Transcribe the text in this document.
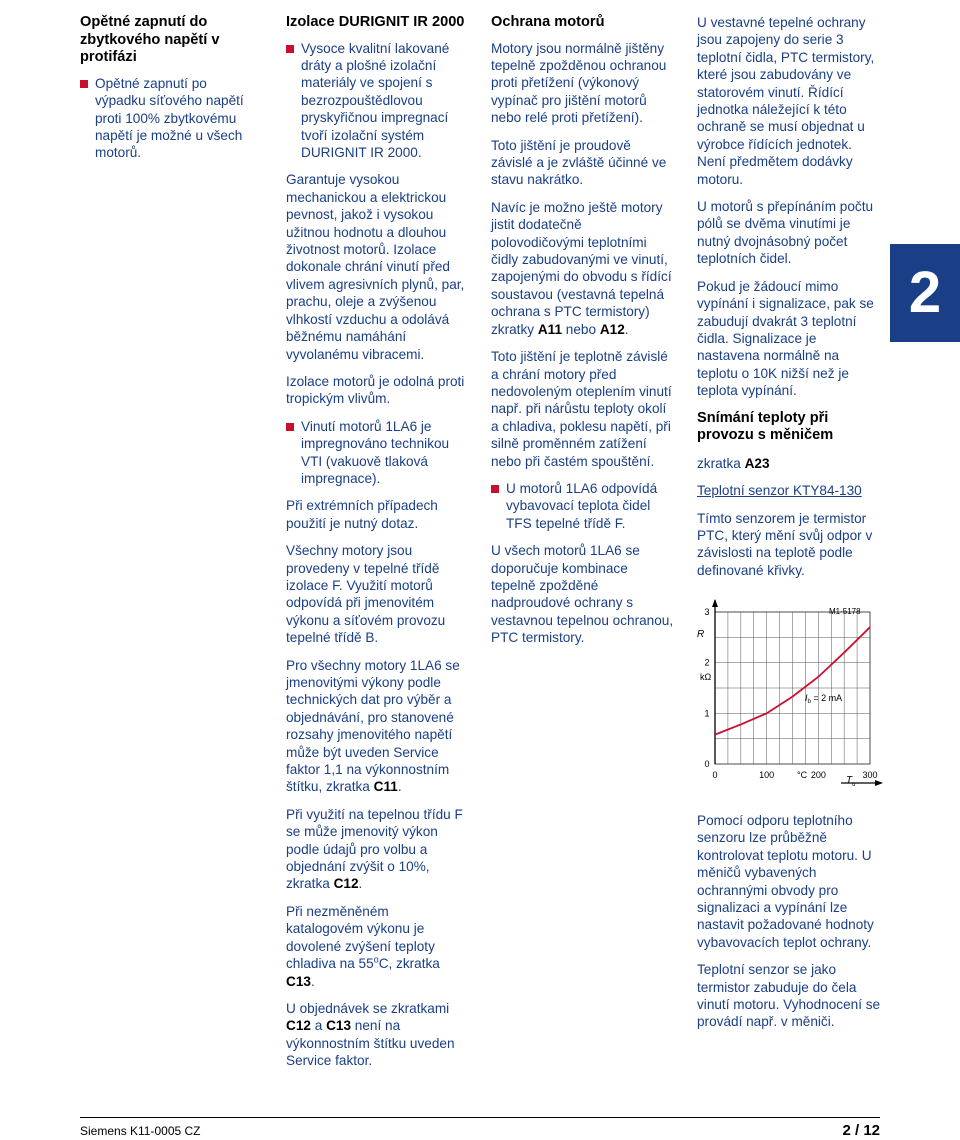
Opětné zapnutí do zbytkového napětí v protifázi
Opětné zapnutí po výpadku síťového napětí proti 100% zbytkovému napětí je možné u všech motorů.
Izolace DURIGNIT IR 2000
Vysoce kvalitní lakované dráty a plošné izolační materiály ve spojení s bezrozpouštědlovou pryskyřičnou impregnací tvoří izolační systém DURIGNIT IR 2000.

Garantuje vysokou mechanickou a elektrickou pevnost, jakož i vysokou užitnou hodnotu a dlouhou životnost motorů. Izolace dokonale chrání vinutí před vlivem agresivních plynů, par, prachu, oleje a zvýšenou vlhkostí vzduchu a odolává běžnému namáhání vyvolanému vibracemi.

Izolace motorů je odolná proti tropickým vlivům.

Vinutí motorů 1LA6 je impregnováno technikou VTI (vakuově tlaková impregnace).

Při extrémních případech použití je nutný dotaz.

Všechny motory jsou provedeny v tepelné třídě izolace F. Využití motorů odpovídá při jmenovitém výkonu a síťovém provozu tepelné třídě B.

Pro všechny motory 1LA6 se jmenovitými výkony podle technických dat pro výběr a objednávání, pro stanovené rozsahy jmenovitého napětí může být uveden Service faktor 1,1 na výkonnostním štítku, zkratka C11.

Při využití na tepelnou třídu F se může jmenovitý výkon podle údajů pro volbu a objednání zvýšit o 10%, zkratka C12.

Při nezměněném katalogovém výkonu je dovolené zvýšení teploty chladiva na 55$^o$C, zkratka C13.

U objednávek se zkratkami C12 a C13 není na výkonnostním štítku uveden Service faktor.

Ochrana motorů

Motory jsou normálně jištěny tepelně zpožděnou ochranou proti přetížení (výkonový vypínač pro jištění motorů nebo relé proti přetížení).

Toto jištění je proudově závislé a je zvláště účinné ve stavu nakrátko.

Navíc je možno ještě motory jistit dodatečně polovodičovými teplotními čidly zabudovanými ve vinutí, zapojenými do obvodu s řídící soustavou (vestavná tepelná ochrana s PTC termistory) zkratky A11 nebo A12.

Toto jištění je teplotně závislé a chrání motory před nedovoleným oteplením vinutí např. při nárůstu teploty okolí a chladiva, poklesu napětí, při silně proměnném zatížení nebo při častém spouštění.

U motorů 1LA6 odpovídá vybavovací teplota čidel TFS tepelné třídě F.

U všech motorů 1LA6 se doporučuje kombinace tepelně zpožděné nadproudové ochrany s vestavnou tepelnou ochranou, PTC termistory.

U vestavné tepelné ochrany jsou zapojeny do serie 3 teplotní čidla, PTC termistory, které jsou zabudovány ve statorovém vinutí. Řídící jednotka náležející k této ochraně se musí objednat u výrobce řídících jednotek. Není předmětem dodávky motoru.

U motorů s přepínáním počtu pólů se dvěma vinutími je nutný dvojnásobný počet teplotních čidel.

Pokud je žádoucí mimo vypínání i signalizace, pak se zabudují dvakrát 3 teplotní čidla. Signalizace je nastavena normálně na teplotu o 10K nižší než je teplota vypínání.

Snímání teploty při provozu s měničem

zkratka A23

Teplotní senzor KTY84-130

Tímto senzorem je termistor PTC, který mění svůj odpor v závislosti na teplotě podle definované křivky.

M1-5178
R
kΩ
°C	$T_u$
$I_b = 2$ mA
0	100	200	300
0
1
2
3

Pomocí odporu teplotního senzoru lze průběžně kontrolovat teplotu motoru. U měničů vybavených ochrannými obvody pro signalizaci a vypínání lze nastavit požadované hodnoty vybavovacích teplot ochrany.

Teplotní senzor se jako termistor zabuduje do čela vinutí motoru. Vyhodnocení se provádí např. v měniči.

2
Siemens K11-0005 CZ	2 / 12
